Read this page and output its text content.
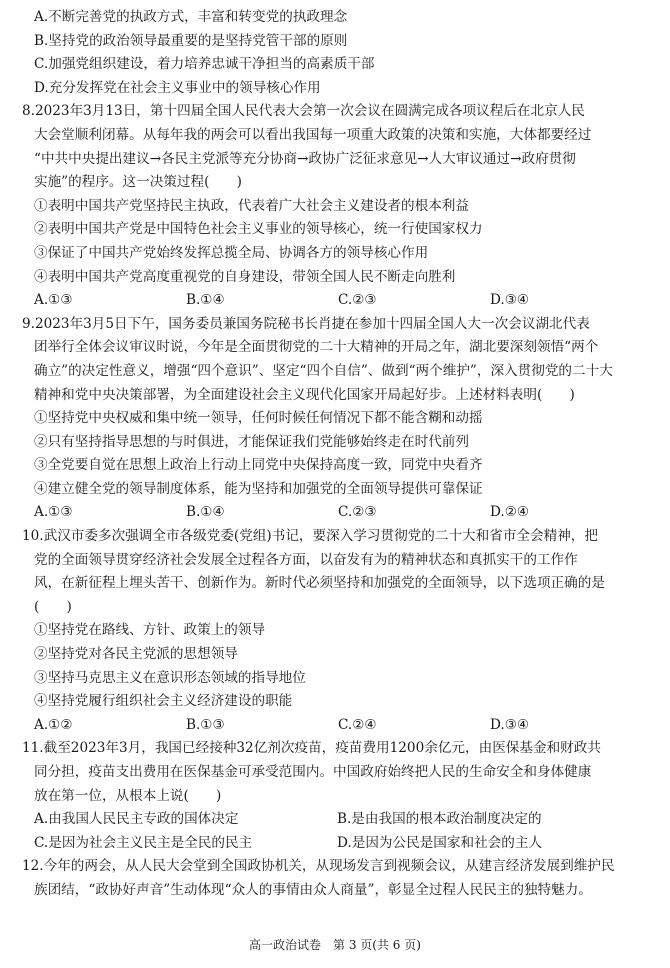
A.不断完善党的执政方式，丰富和转变党的执政理念
B.坚持党的政治领导最重要的是坚持党管干部的原则
C.加强党组织建设，着力培养忠诚干净担当的高素质干部
D.充分发挥党在社会主义事业中的领导核心作用
8.2023年3月13日，第十四届全国人民代表大会第一次会议在圆满完成各项议程后在北京人民
大会堂顺利闭幕。从每年我的两会可以看出我国每一项重大政策的决策和实施，大体都要经过
“中共中央提出建议→各民主党派等充分协商→政协广泛征求意见→人大审议通过→政府贯彻
实施”的程序。这一决策过程(　　)
①表明中国共产党坚持民主执政，代表着广大社会主义建设者的根本利益
②表明中国共产党是中国特色社会主义事业的领导核心，统一行使国家权力
③保证了中国共产党始终发挥总揽全局、协调各方的领导核心作用
④表明中国共产党高度重视党的自身建设，带领全国人民不断走向胜利
A.①③	B.①④	C.②③	D.③④
9.2023年3月5日下午，国务委员兼国务院秘书长肖捷在参加十四届全国人大一次会议湖北代表
团举行全体会议审议时说，今年是全面贯彻党的二十大精神的开局之年，湖北要深刻领悟“两个
确立”的决定性意义，增强“四个意识”、坚定“四个自信”、做到“两个维护”，深入贯彻党的二十大
精神和党中央决策部署，为全面建设社会主义现代化国家开局起好步。上述材料表明(　　)
①坚持党中央权威和集中统一领导，任何时候任何情况下都不能含糊和动摇
②只有坚持指导思想的与时俱进，才能保证我们党能够始终走在时代前列
③全党要自觉在思想上政治上行动上同党中央保持高度一致，同党中央看齐
④建立健全党的领导制度体系，能为坚持和加强党的全面领导提供可靠保证
A.①③	B.①④	C.②③	D.②④
10.武汉市委多次强调全市各级党委(党组)书记，要深入学习贯彻党的二十大和省市全会精神，把
党的全面领导贯穿经济社会发展全过程各方面，以奋发有为的精神状态和真抓实干的工作作
风，在新征程上埋头苦干、创新作为。新时代必须坚持和加强党的全面领导，以下选项正确的是
(　　)
①坚持党在路线、方针、政策上的领导
②坚持党对各民主党派的思想领导
③坚持马克思主义在意识形态领域的指导地位
④坚持党履行组织社会主义经济建设的职能
A.①②	B.①③	C.②④	D.③④
11.截至2023年3月，我国已经接种32亿剂次疫苗，疫苗费用1200余亿元，由医保基金和财政共
同分担，疫苗支出费用在医保基金可承受范围内。中国政府始终把人民的生命安全和身体健康
放在第一位，从根本上说(　　)
A.由我国人民民主专政的国体决定	B.是由我国的根本政治制度决定的
C.是因为社会主义民主是全民的民主	D.是因为公民是国家和社会的主人
12.今年的两会，从人民大会堂到全国政协机关，从现场发言到视频会议，从建言经济发展到维护民
族团结，“政协好声音”生动体现“众人的事情由众人商量”，彰显全过程人民民主的独特魅力。
高一政治试卷　第 3 页(共 6 页)
